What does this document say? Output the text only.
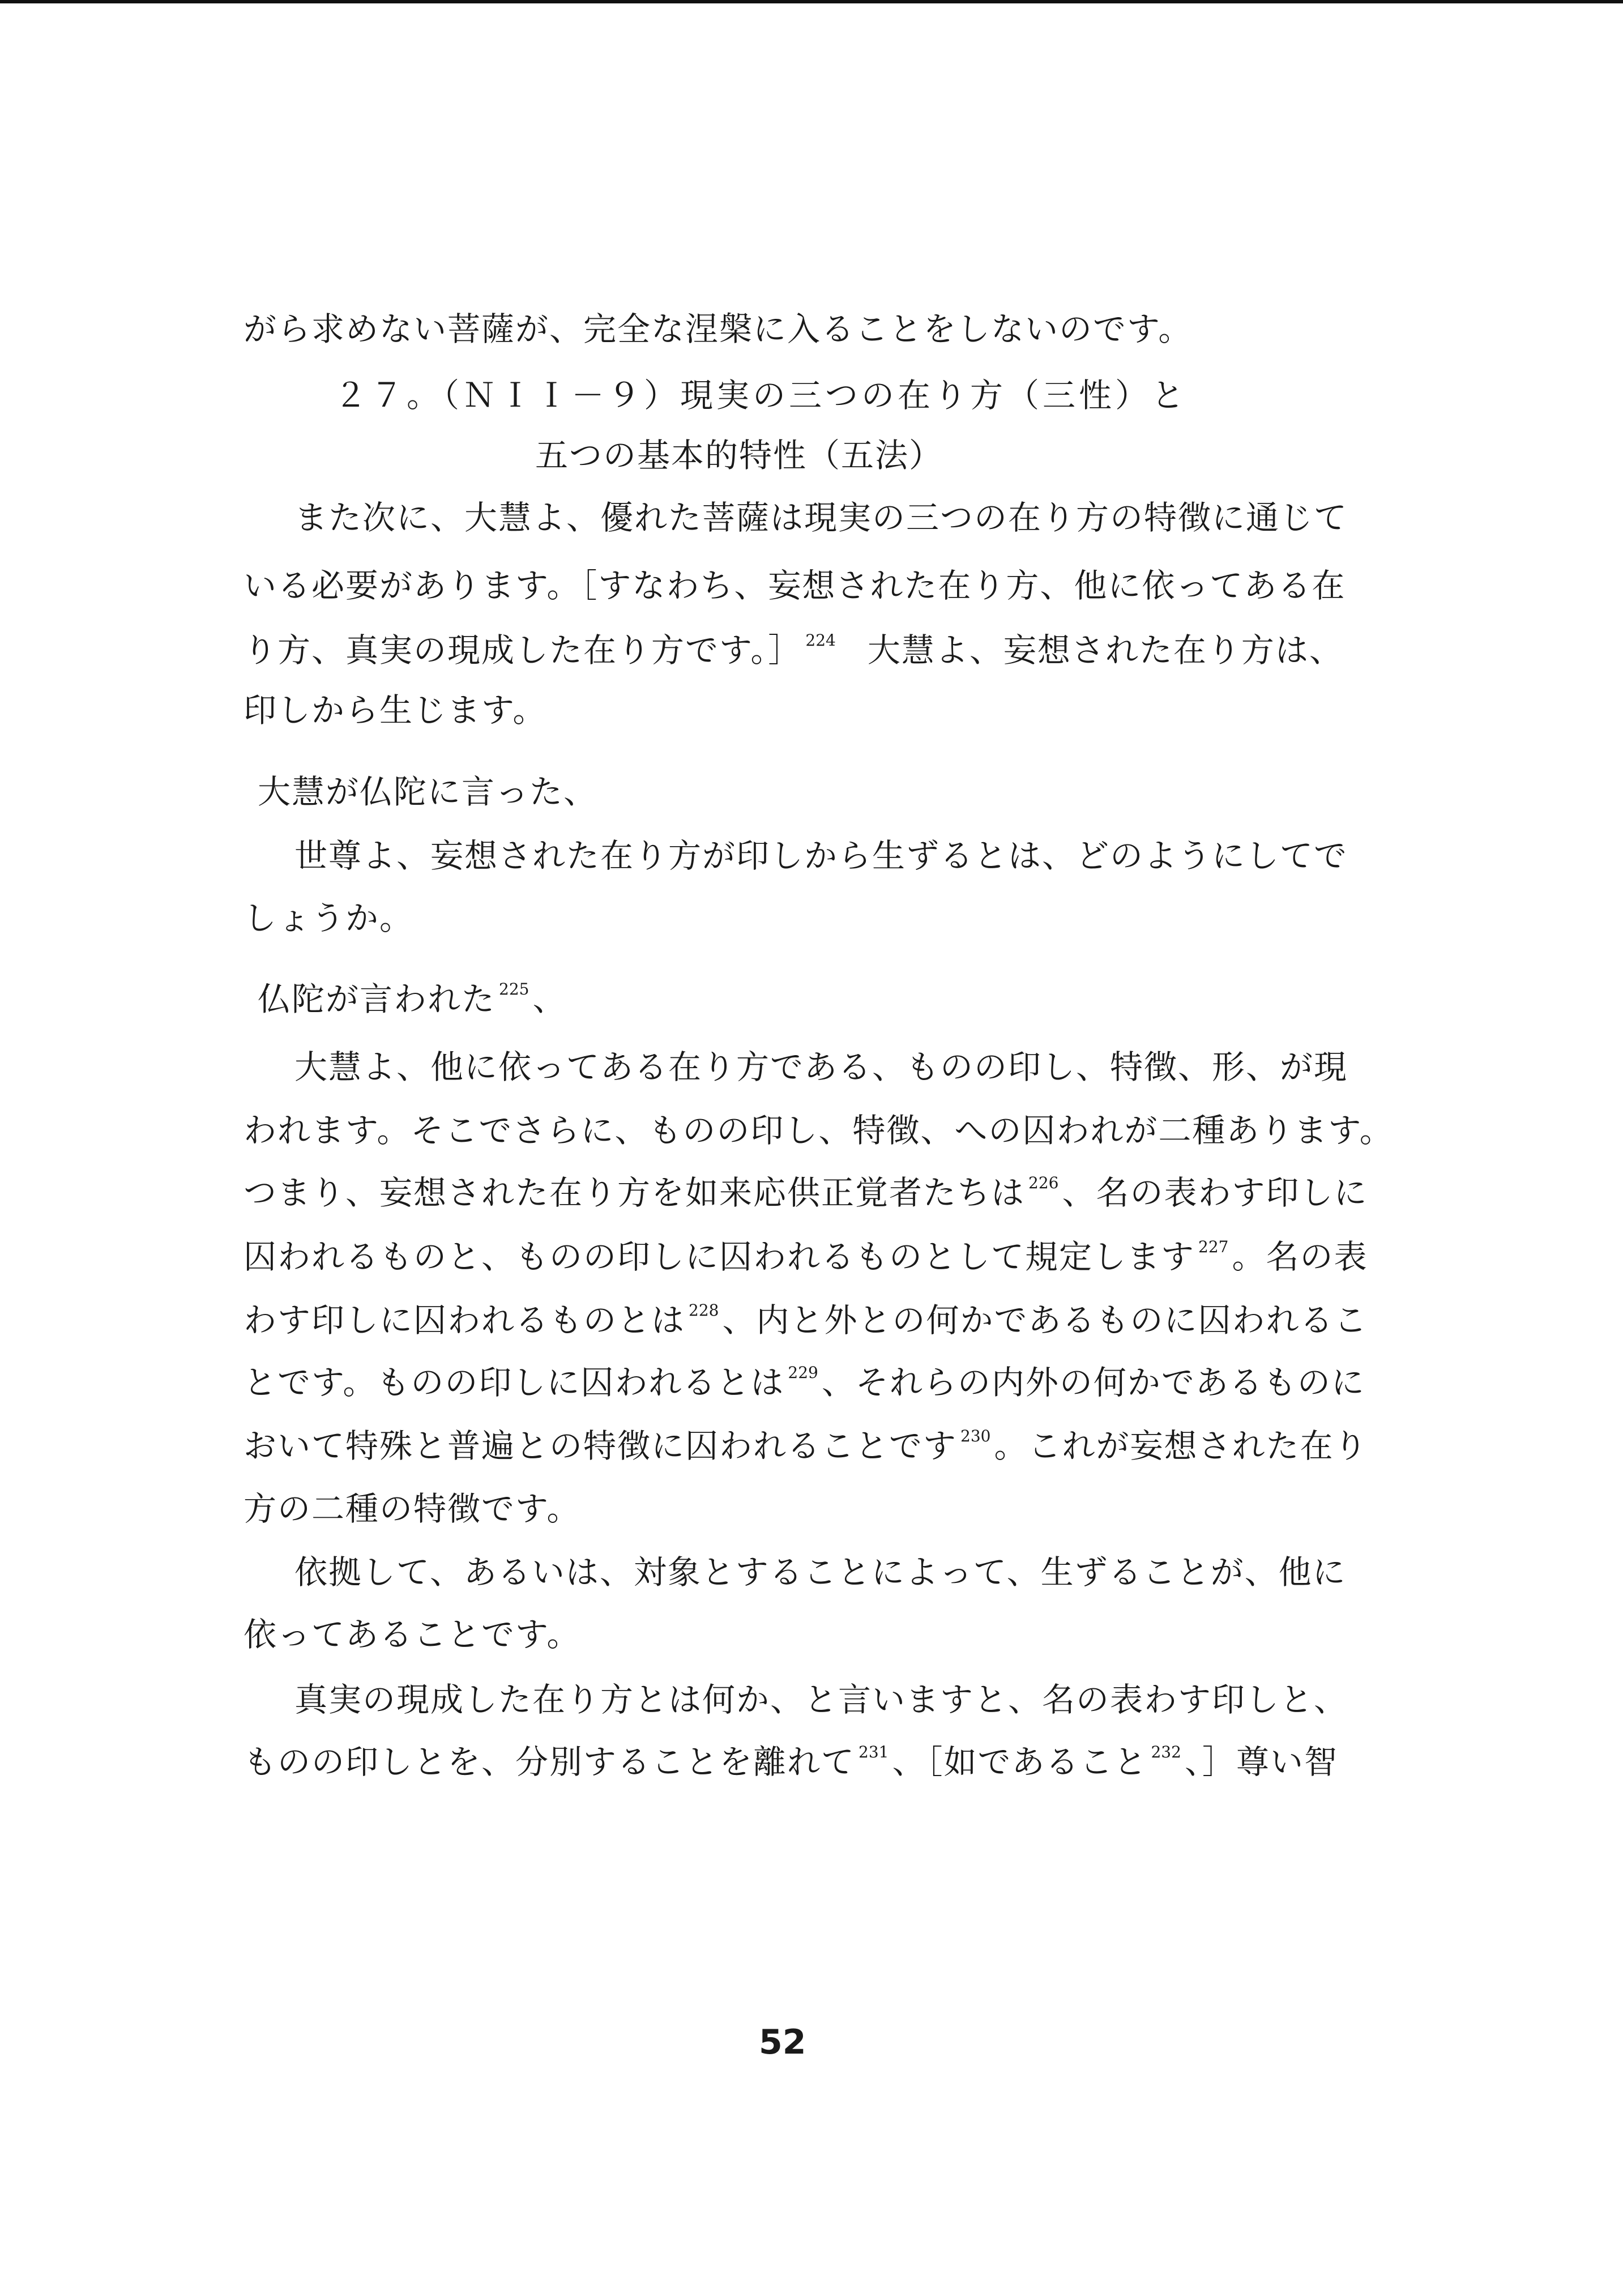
がら求めない菩薩が、完全な涅槃に入ることをしないのです。
２７。（ＮＩＩ－９）現実の三つの在り方（三性）と
五つの基本的特性（五法）
また次に、大慧よ、優れた菩薩は現実の三つの在り方の特徴に通じて
いる必要があります。［すなわち、妄想された在り方、他に依ってある在
り方、真実の現成した在り方です。］ $^{224}$ 大慧よ、妄想された在り方は、
印しから生じます。
大慧が仏陀に言った、
世尊よ、妄想された在り方が印しから生ずるとは、どのようにしてで
しょうか。
仏陀が言われた $^{225}$ 、
大慧よ、他に依ってある在り方である、ものの印し、特徴、形、が現
われます。そこでさらに、ものの印し、特徴、への囚われが二種あります。
つまり、妄想された在り方を如来応供正覚者たちは $^{226}$ 、名の表わす印しに
囚われるものと、ものの印しに囚われるものとして規定します $^{227}$ 。名の表
わす印しに囚われるものとは $^{228}$ 、内と外との何かであるものに囚われるこ
とです。ものの印しに囚われるとは $^{229}$ 、それらの内外の何かであるものに
おいて特殊と普遍との特徴に囚われることです $^{230}$ 。これが妄想された在り
方の二種の特徴です。
依拠して、あるいは、対象とすることによって、生ずることが、他に
依ってあることです。
真実の現成した在り方とは何か、と言いますと、名の表わす印しと、
ものの印しとを、分別することを離れて $^{231}$ 、［如であること $^{232}$ 、］尊い智
52
